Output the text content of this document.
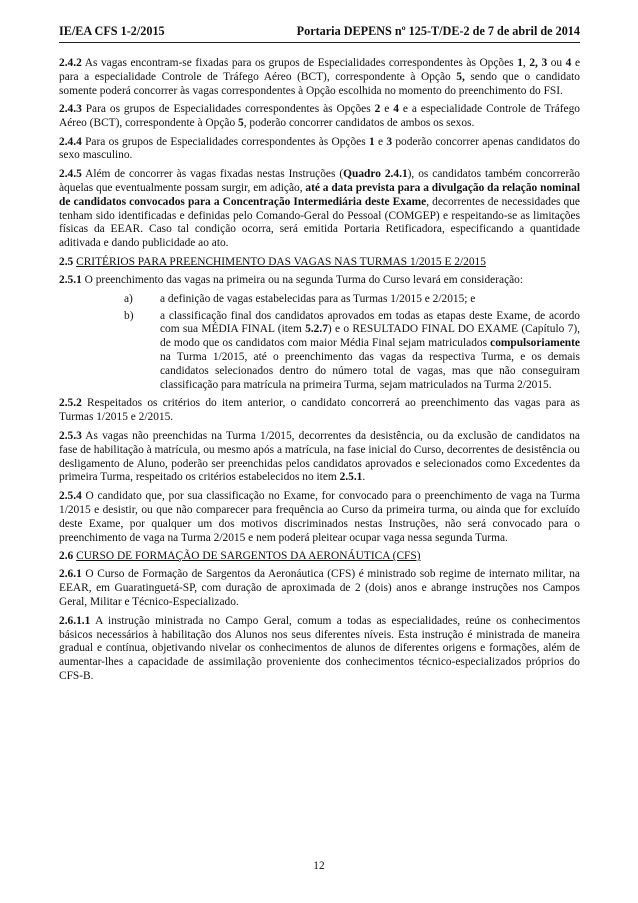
IE/EA CFS 1-2/2015	Portaria DEPENS nº 125-T/DE-2 de 7 de abril de 2014

2.4.2 As vagas encontram-se fixadas para os grupos de Especialidades correspondentes às Opções 1, 2, 3 ou 4 e para a especialidade Controle de Tráfego Aéreo (BCT), correspondente à Opção 5, sendo que o candidato somente poderá concorrer às vagas correspondentes à Opção escolhida no momento do preenchimento do FSI.

2.4.3 Para os grupos de Especialidades correspondentes às Opções 2 e 4 e a especialidade Controle de Tráfego Aéreo (BCT), correspondente à Opção 5, poderão concorrer candidatos de ambos os sexos.

2.4.4 Para os grupos de Especialidades correspondentes às Opções 1 e 3 poderão concorrer apenas candidatos do sexo masculino.

2.4.5 Além de concorrer às vagas fixadas nestas Instruções (Quadro 2.4.1), os candidatos também concorrerão àquelas que eventualmente possam surgir, em adição, até a data prevista para a divulgação da relação nominal de candidatos convocados para a Concentração Intermediária deste Exame, decorrentes de necessidades que tenham sido identificadas e definidas pelo Comando-Geral do Pessoal (COMGEP) e respeitando-se as limitações físicas da EEAR. Caso tal condição ocorra, será emitida Portaria Retificadora, especificando a quantidade aditivada e dando publicidade ao ato.

2.5 CRITÉRIOS PARA PREENCHIMENTO DAS VAGAS NAS TURMAS 1/2015 E 2/2015

2.5.1 O preenchimento das vagas na primeira ou na segunda Turma do Curso levará em consideração:

a) a definição de vagas estabelecidas para as Turmas 1/2015 e 2/2015; e
b) a classificação final dos candidatos aprovados em todas as etapas deste Exame, de acordo com sua MÉDIA FINAL (item 5.2.7) e o RESULTADO FINAL DO EXAME (Capítulo 7), de modo que os candidatos com maior Média Final sejam matriculados compulsoriamente na Turma 1/2015, até o preenchimento das vagas da respectiva Turma, e os demais candidatos selecionados dentro do número total de vagas, mas que não conseguiram classificação para matrícula na primeira Turma, sejam matriculados na Turma 2/2015.

2.5.2 Respeitados os critérios do item anterior, o candidato concorrerá ao preenchimento das vagas para as Turmas 1/2015 e 2/2015.

2.5.3 As vagas não preenchidas na Turma 1/2015, decorrentes da desistência, ou da exclusão de candidatos na fase de habilitação à matrícula, ou mesmo após a matrícula, na fase inicial do Curso, decorrentes de desistência ou desligamento de Aluno, poderão ser preenchidas pelos candidatos aprovados e selecionados como Excedentes da primeira Turma, respeitado os critérios estabelecidos no item 2.5.1.

2.5.4 O candidato que, por sua classificação no Exame, for convocado para o preenchimento de vaga na Turma 1/2015 e desistir, ou que não comparecer para frequência ao Curso da primeira turma, ou ainda que for excluído deste Exame, por qualquer um dos motivos discriminados nestas Instruções, não será convocado para o preenchimento de vaga na Turma 2/2015 e nem poderá pleitear ocupar vaga nessa segunda Turma.

2.6 CURSO DE FORMAÇÃO DE SARGENTOS DA AERONÁUTICA (CFS)

2.6.1 O Curso de Formação de Sargentos da Aeronáutica (CFS) é ministrado sob regime de internato militar, na EEAR, em Guaratinguetá-SP, com duração de aproximada de 2 (dois) anos e abrange instruções nos Campos Geral, Militar e Técnico-Especializado.

2.6.1.1 A instrução ministrada no Campo Geral, comum a todas as especialidades, reúne os conhecimentos básicos necessários à habilitação dos Alunos nos seus diferentes níveis. Esta instrução é ministrada de maneira gradual e contínua, objetivando nivelar os conhecimentos de alunos de diferentes origens e formações, além de aumentar-lhes a capacidade de assimilação proveniente dos conhecimentos técnico-especializados próprios do CFS-B.

12
